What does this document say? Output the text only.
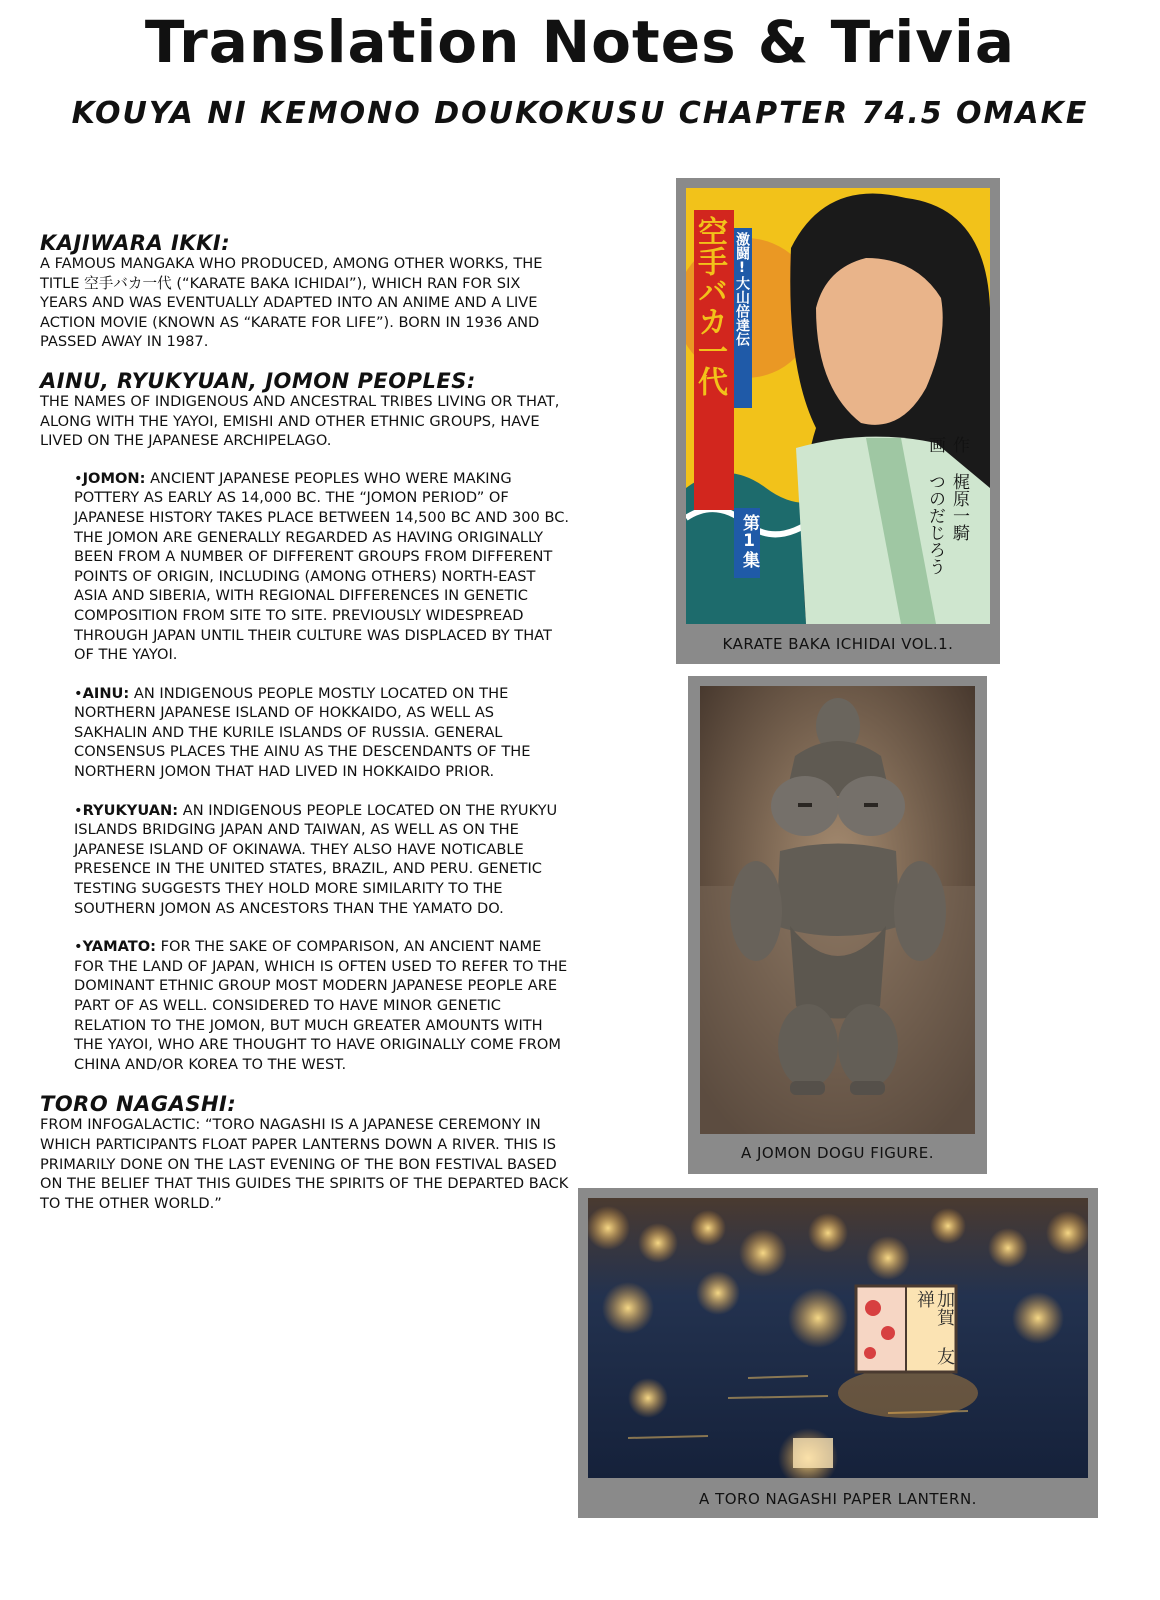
Translation Notes & Trivia
KOUYA NI KEMONO DOUKOKUSU CHAPTER 74.5 OMAKE

KAJIWARA IKKI:

A FAMOUS MANGAKA WHO PRODUCED, AMONG OTHER WORKS, THE TITLE 空手バカ一代 (“KARATE BAKA ICHIDAI”), WHICH RAN FOR SIX YEARS AND WAS EVENTUALLY ADAPTED INTO AN ANIME AND A LIVE ACTION MOVIE (KNOWN AS “KARATE FOR LIFE”). BORN IN 1936 AND PASSED AWAY IN 1987.

AINU, RYUKYUAN, JOMON PEOPLES:

THE NAMES OF INDIGENOUS AND ANCESTRAL TRIBES LIVING OR THAT, ALONG WITH THE YAYOI, EMISHI AND OTHER ETHNIC GROUPS, HAVE LIVED ON THE JAPANESE ARCHIPELAGO.

•JOMON: ANCIENT JAPANESE PEOPLES WHO WERE MAKING POTTERY AS EARLY AS 14,000 BC. THE “JOMON PERIOD” OF JAPANESE HISTORY TAKES PLACE BETWEEN 14,500 BC AND 300 BC. THE JOMON ARE GENERALLY REGARDED AS HAVING ORIGINALLY BEEN FROM A NUMBER OF DIFFERENT GROUPS FROM DIFFERENT POINTS OF ORIGIN, INCLUDING (AMONG OTHERS) NORTH-EAST ASIA AND SIBERIA, WITH REGIONAL DIFFERENCES IN GENETIC COMPOSITION FROM SITE TO SITE. PREVIOUSLY WIDESPREAD THROUGH JAPAN UNTIL THEIR CULTURE WAS DISPLACED BY THAT OF THE YAYOI.

•AINU: AN INDIGENOUS PEOPLE MOSTLY LOCATED ON THE NORTHERN JAPANESE ISLAND OF HOKKAIDO, AS WELL AS SAKHALIN AND THE KURILE ISLANDS OF RUSSIA. GENERAL CONSENSUS PLACES THE AINU AS THE DESCENDANTS OF THE NORTHERN JOMON THAT HAD LIVED IN HOKKAIDO PRIOR.

•RYUKYUAN: AN INDIGENOUS PEOPLE LOCATED ON THE RYUKYU ISLANDS BRIDGING JAPAN AND TAIWAN, AS WELL AS ON THE JAPANESE ISLAND OF OKINAWA. THEY ALSO HAVE NOTICABLE PRESENCE IN THE UNITED STATES, BRAZIL, AND PERU. GENETIC TESTING SUGGESTS THEY HOLD MORE SIMILARITY TO THE SOUTHERN JOMON AS ANCESTORS THAN THE YAMATO DO.

•YAMATO: FOR THE SAKE OF COMPARISON, AN ANCIENT NAME FOR THE LAND OF JAPAN, WHICH IS OFTEN USED TO REFER TO THE DOMINANT ETHNIC GROUP MOST MODERN JAPANESE PEOPLE ARE PART OF AS WELL. CONSIDERED TO HAVE MINOR GENETIC RELATION TO THE JOMON, BUT MUCH GREATER AMOUNTS WITH THE YAYOI, WHO ARE THOUGHT TO HAVE ORIGINALLY COME FROM CHINA AND/OR KOREA TO THE WEST.

TORO NAGASHI:

FROM INFOGALACTIC: “TORO NAGASHI IS A JAPANESE CEREMONY IN WHICH PARTICIPANTS FLOAT PAPER LANTERNS DOWN A RIVER. THIS IS PRIMARILY DONE ON THE LAST EVENING OF THE BON FESTIVAL BASED ON THE BELIEF THAT THIS GUIDES THE SPIRITS OF THE DEPARTED BACK TO THE OTHER WORLD.”

空手バカ一代 激闘!大山倍達伝
第1集	作 梶原一騎
画 つのだじろう
KARATE BAKA ICHIDAI VOL.1.
A JOMON DOGU FIGURE.
加賀 友禅
A TORO NAGASHI PAPER LANTERN.
